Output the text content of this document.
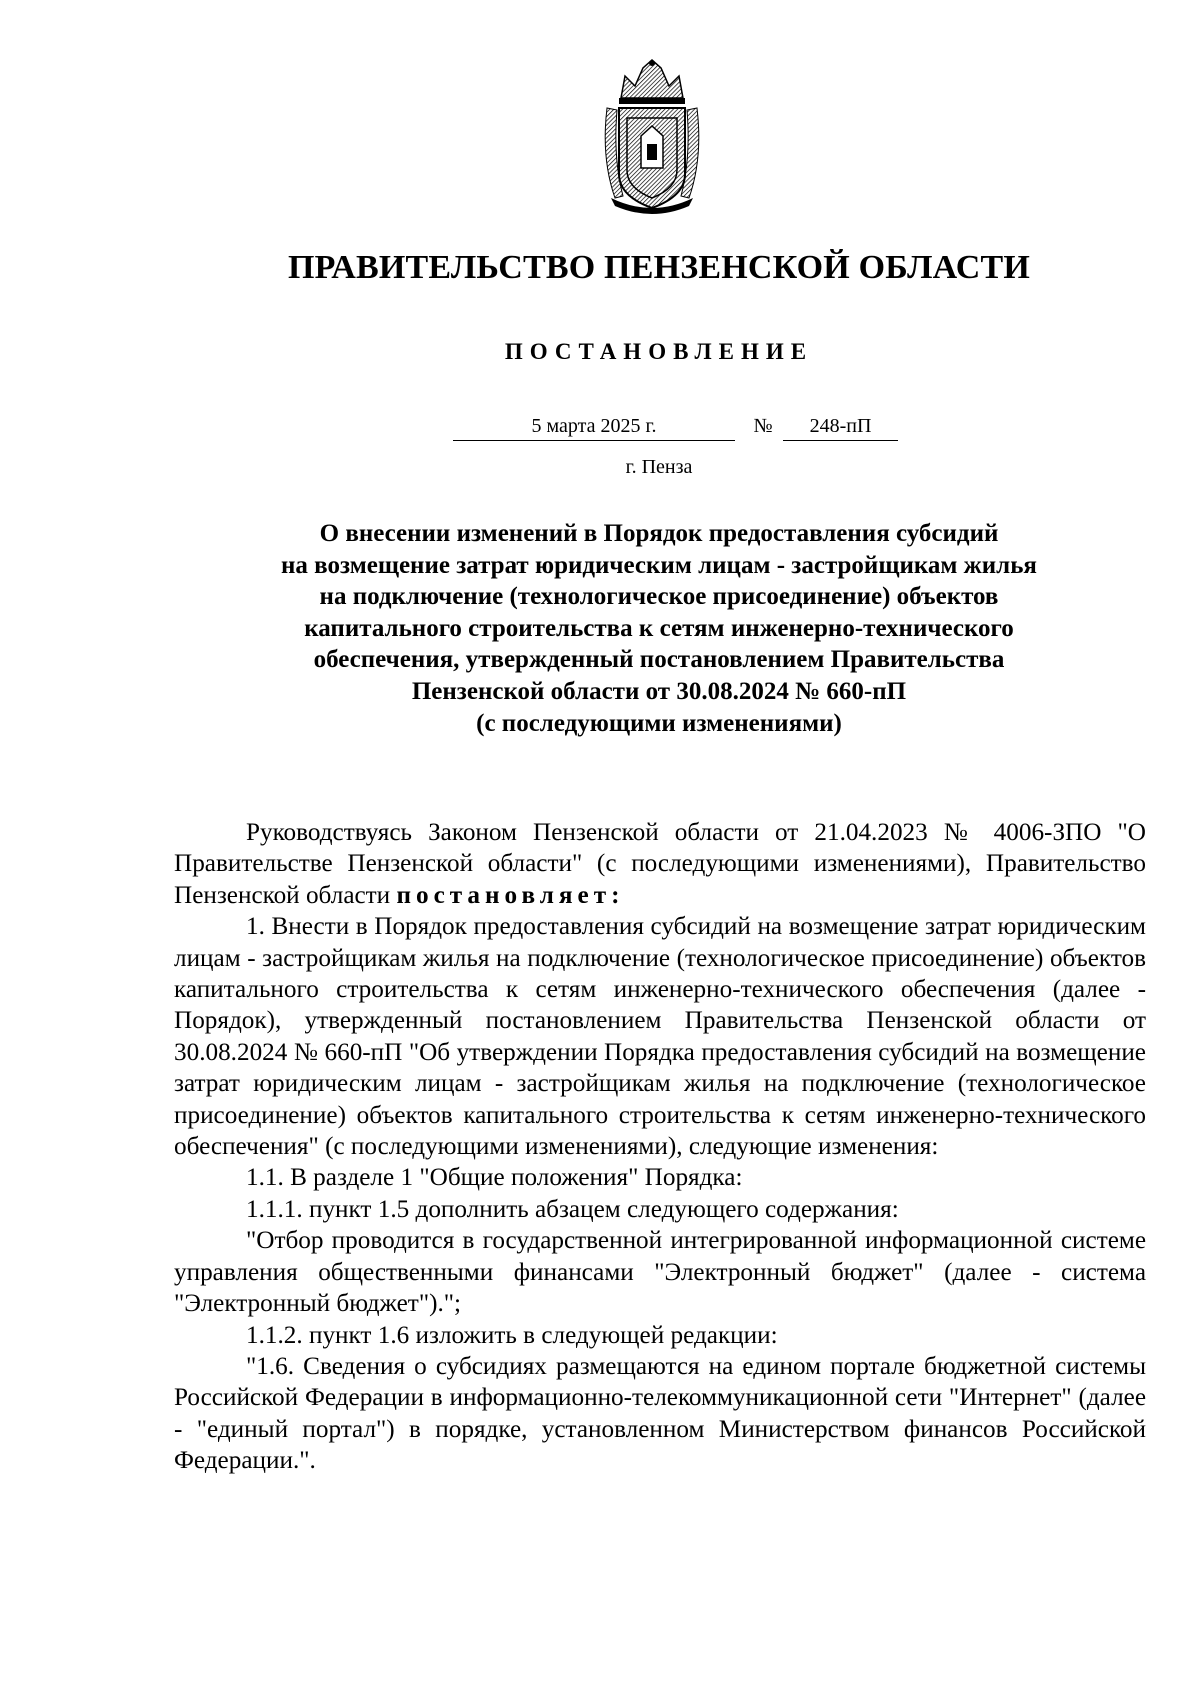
ПРАВИТЕЛЬСТВО ПЕНЗЕНСКОЙ ОБЛАСТИ
ПОСТАНОВЛЕНИЕ
5 марта 2025 г.	№	248-пП
г. Пенза
О внесении изменений в Порядок предоставления субсидий
на возмещение затрат юридическим лицам - застройщикам жилья
на подключение (технологическое присоединение) объектов
капитального строительства к сетям инженерно-технического
обеспечения, утвержденный постановлением Правительства
Пензенской области от 30.08.2024 № 660-пП
(с последующими изменениями)

Руководствуясь Законом Пензенской области от 21.04.2023 № 4006-ЗПО "О Правительстве Пензенской области" (с последующими изменениями), Правительство Пензенской области постановляет:

1. Внести в Порядок предоставления субсидий на возмещение затрат юридическим лицам - застройщикам жилья на подключение (технологическое присоединение) объектов капитального строительства к сетям инженерно-технического обеспечения (далее - Порядок), утвержденный постановлением Правительства Пензенской области от 30.08.2024 № 660-пП "Об утверждении Порядка предоставления субсидий на возмещение затрат юридическим лицам - застройщикам жилья на подключение (технологическое присоединение) объектов капитального строительства к сетям инженерно-технического обеспечения" (с последующими изменениями), следующие изменения:

1.1. В разделе 1 "Общие положения" Порядка:

1.1.1. пункт 1.5 дополнить абзацем следующего содержания:

"Отбор проводится в государственной интегрированной информационной системе управления общественными финансами "Электронный бюджет" (далее - система "Электронный бюджет").";

1.1.2. пункт 1.6 изложить в следующей редакции:

"1.6. Сведения о субсидиях размещаются на едином портале бюджетной системы Российской Федерации в информационно-телекоммуникационной сети "Интернет" (далее - "единый портал") в порядке, установленном Министерством финансов Российской Федерации.".
